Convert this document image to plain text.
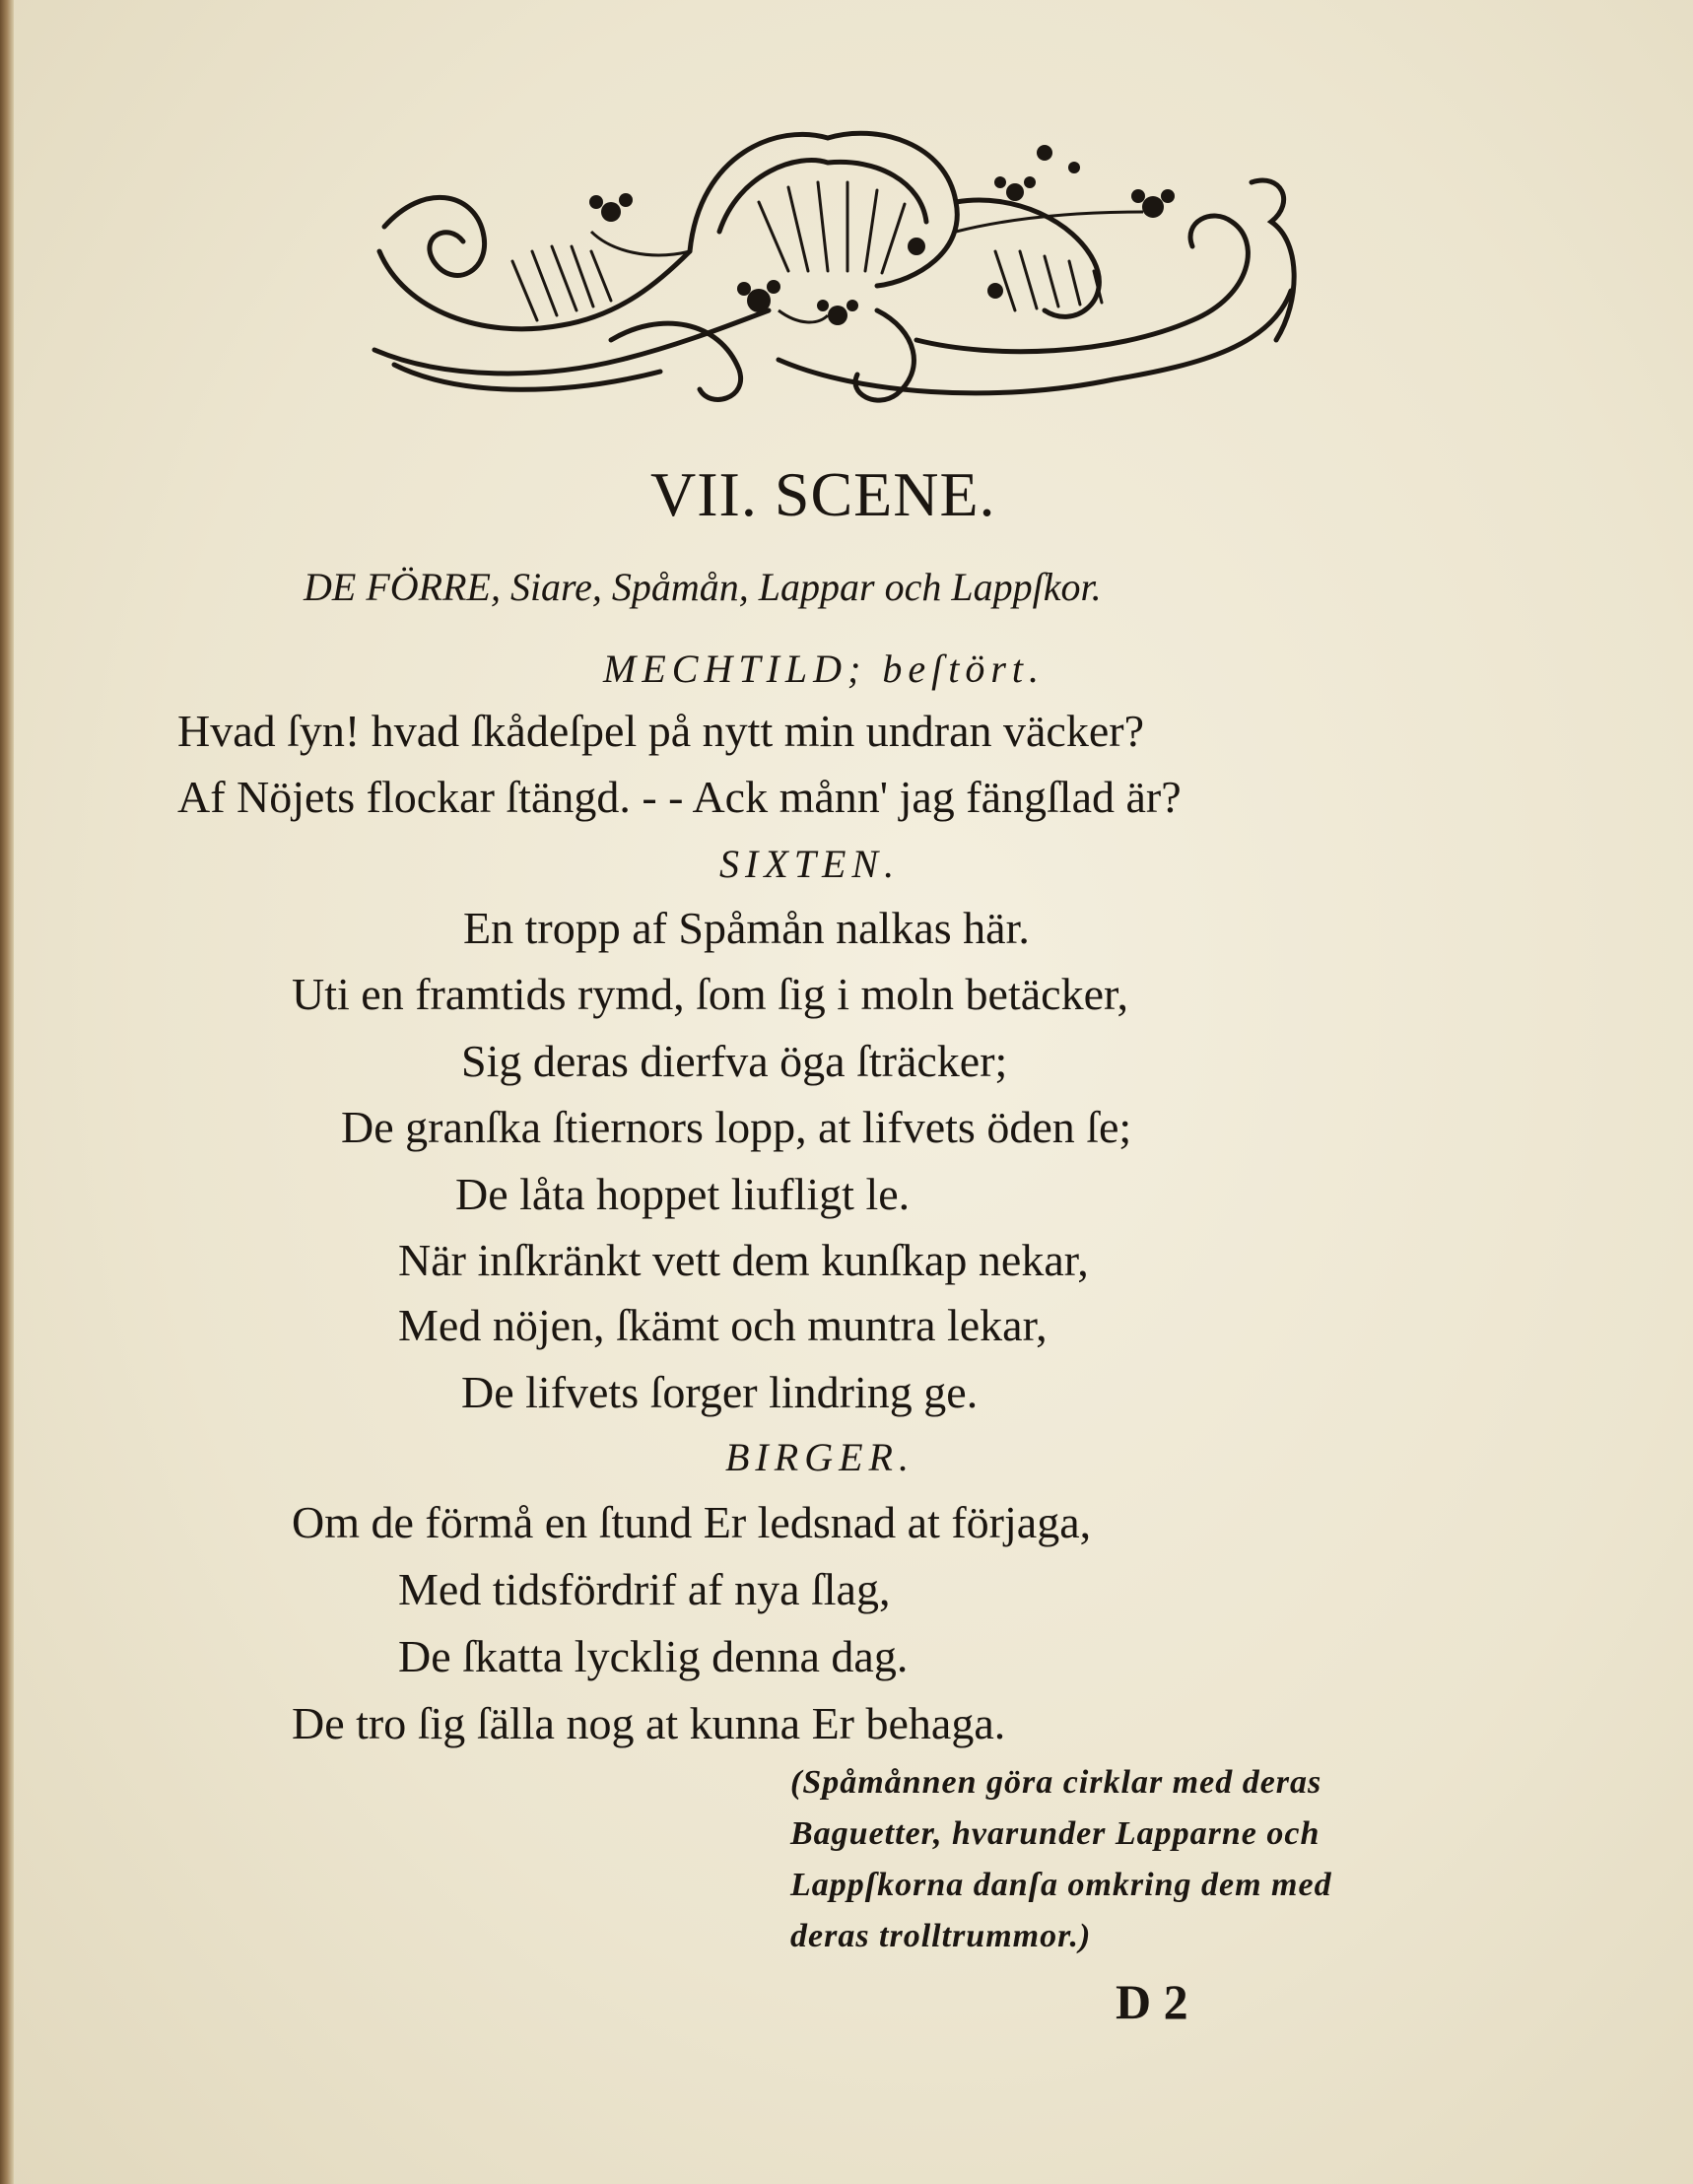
VII. SCENE.
DE FÖRRE, Siare, Spåmån, Lappar och Lappſkor.
MECHTILD; beſtört.
Hvad ſyn! hvad ſkådeſpel på nytt min undran väcker?
Af Nöjets flockar ſtängd. - - Ack månn' jag fängſlad är?
SIXTEN.
En tropp af Spåmån nalkas här.
Uti en framtids rymd, ſom ſig i moln betäcker,
Sig deras dierfva öga ſträcker;
De granſka ſtiernors lopp, at lifvets öden ſe;
De låta hoppet liufligt le.
När inſkränkt vett dem kunſkap nekar,
Med nöjen, ſkämt och muntra lekar,
De lifvets ſorger lindring ge.
BIRGER.
Om de förmå en ſtund Er ledsnad at förjaga,
Med tidsfördrif af nya ſlag,
De ſkatta lycklig denna dag.
De tro ſig ſälla nog at kunna Er behaga.
(Spåmånnen göra cirklar med deras
Baguetter, hvarunder Lapparne och
Lappſkorna danſa omkring dem med
deras trolltrummor.)
D 2
